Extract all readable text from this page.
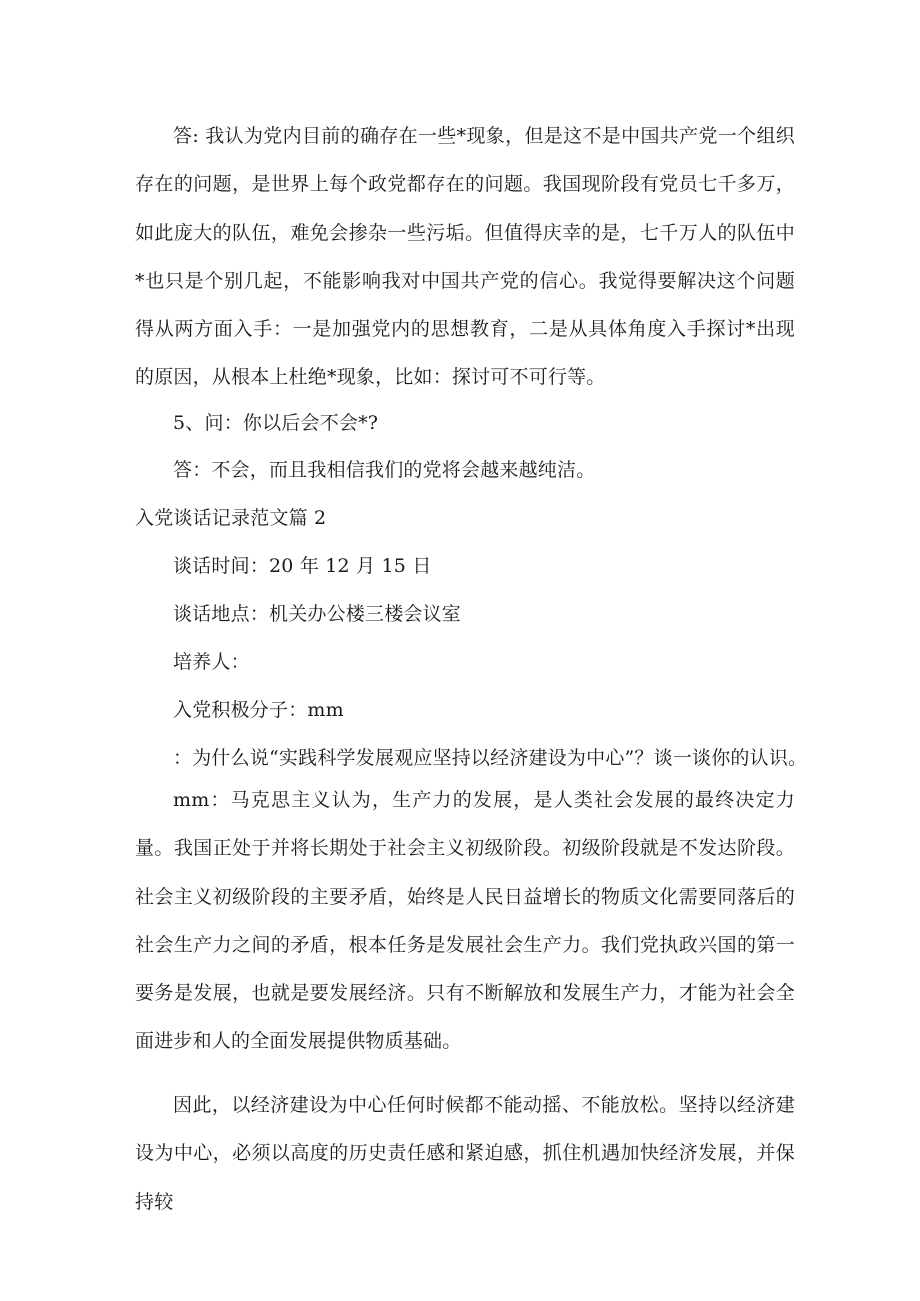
答: 我认为党内目前的确存在一些*现象，但是这不是中国共产党一个组织存在的问题，是世界上每个政党都存在的问题。我国现阶段有党员七千多万，如此庞大的队伍，难免会掺杂一些污垢。但值得庆幸的是，七千万人的队伍中*也只是个别几起，不能影响我对中国共产党的信心。我觉得要解决这个问题得从两方面入手：一是加强党内的思想教育，二是从具体角度入手探讨*出现的原因，从根本上杜绝*现象，比如：探讨可不可行等。

5、问：你以后会不会*?

答：不会，而且我相信我们的党将会越来越纯洁。

入党谈话记录范文篇 2

谈话时间：20 年 12 月 15 日

谈话地点：机关办公楼三楼会议室

培养人：

入党积极分子：mm

：为什么说“实践科学发展观应坚持以经济建设为中心”？谈一谈你的认识。

mm：马克思主义认为，生产力的发展，是人类社会发展的最终决定力量。我国正处于并将长期处于社会主义初级阶段。初级阶段就是不发达阶段。社会主义初级阶段的主要矛盾，始终是人民日益增长的物质文化需要同落后的社会生产力之间的矛盾，根本任务是发展社会生产力。我们党执政兴国的第一要务是发展，也就是要发展经济。只有不断解放和发展生产力，才能为社会全面进步和人的全面发展提供物质基础。

因此，以经济建设为中心任何时候都不能动摇、不能放松。坚持以经济建设为中心，必须以高度的历史责任感和紧迫感，抓住机遇加快经济发展，并保持较
